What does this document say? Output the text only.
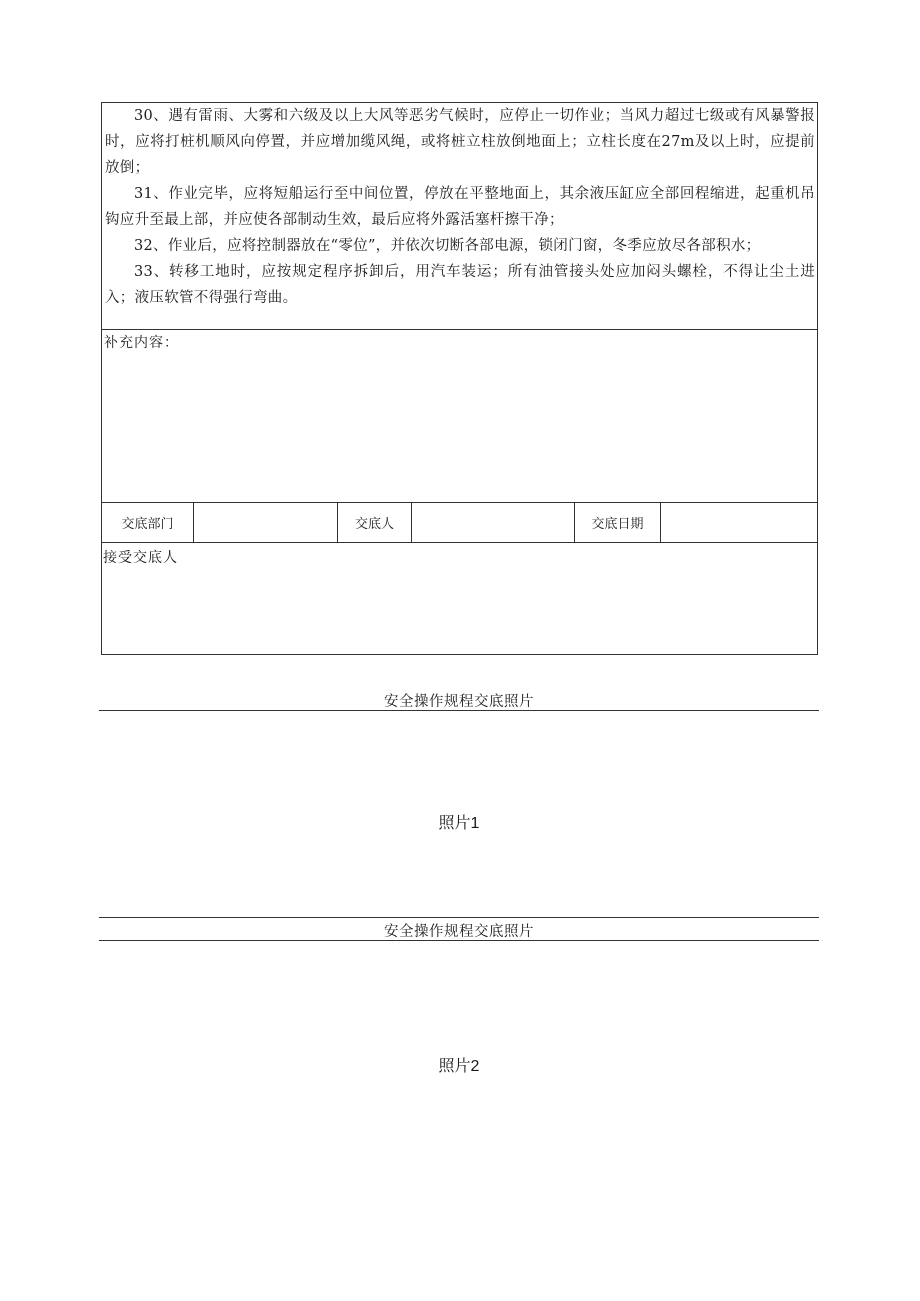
30、遇有雷雨、大雾和六级及以上大风等恶劣气候时，应停止一切作业；当风力超过七级或有风暴警报时，应将打桩机顺风向停置，并应增加缆风绳，或将桩立柱放倒地面上；立柱长度在27m及以上时，应提前放倒；

31、作业完毕，应将短船运行至中间位置，停放在平整地面上，其余液压缸应全部回程缩进，起重机吊钩应升至最上部，并应使各部制动生效，最后应将外露活塞杆擦干净；

32、作业后，应将控制器放在“零位”，并依次切断各部电源，锁闭门窗，冬季应放尽各部积水；

33、转移工地时，应按规定程序拆卸后，用汽车装运；所有油管接头处应加闷头螺栓，不得让尘土进入；液压软管不得强行弯曲。

补充内容：
交底部门	交底人	交底日期
接受交底人
安全操作规程交底照片
照片1
安全操作规程交底照片
照片2
